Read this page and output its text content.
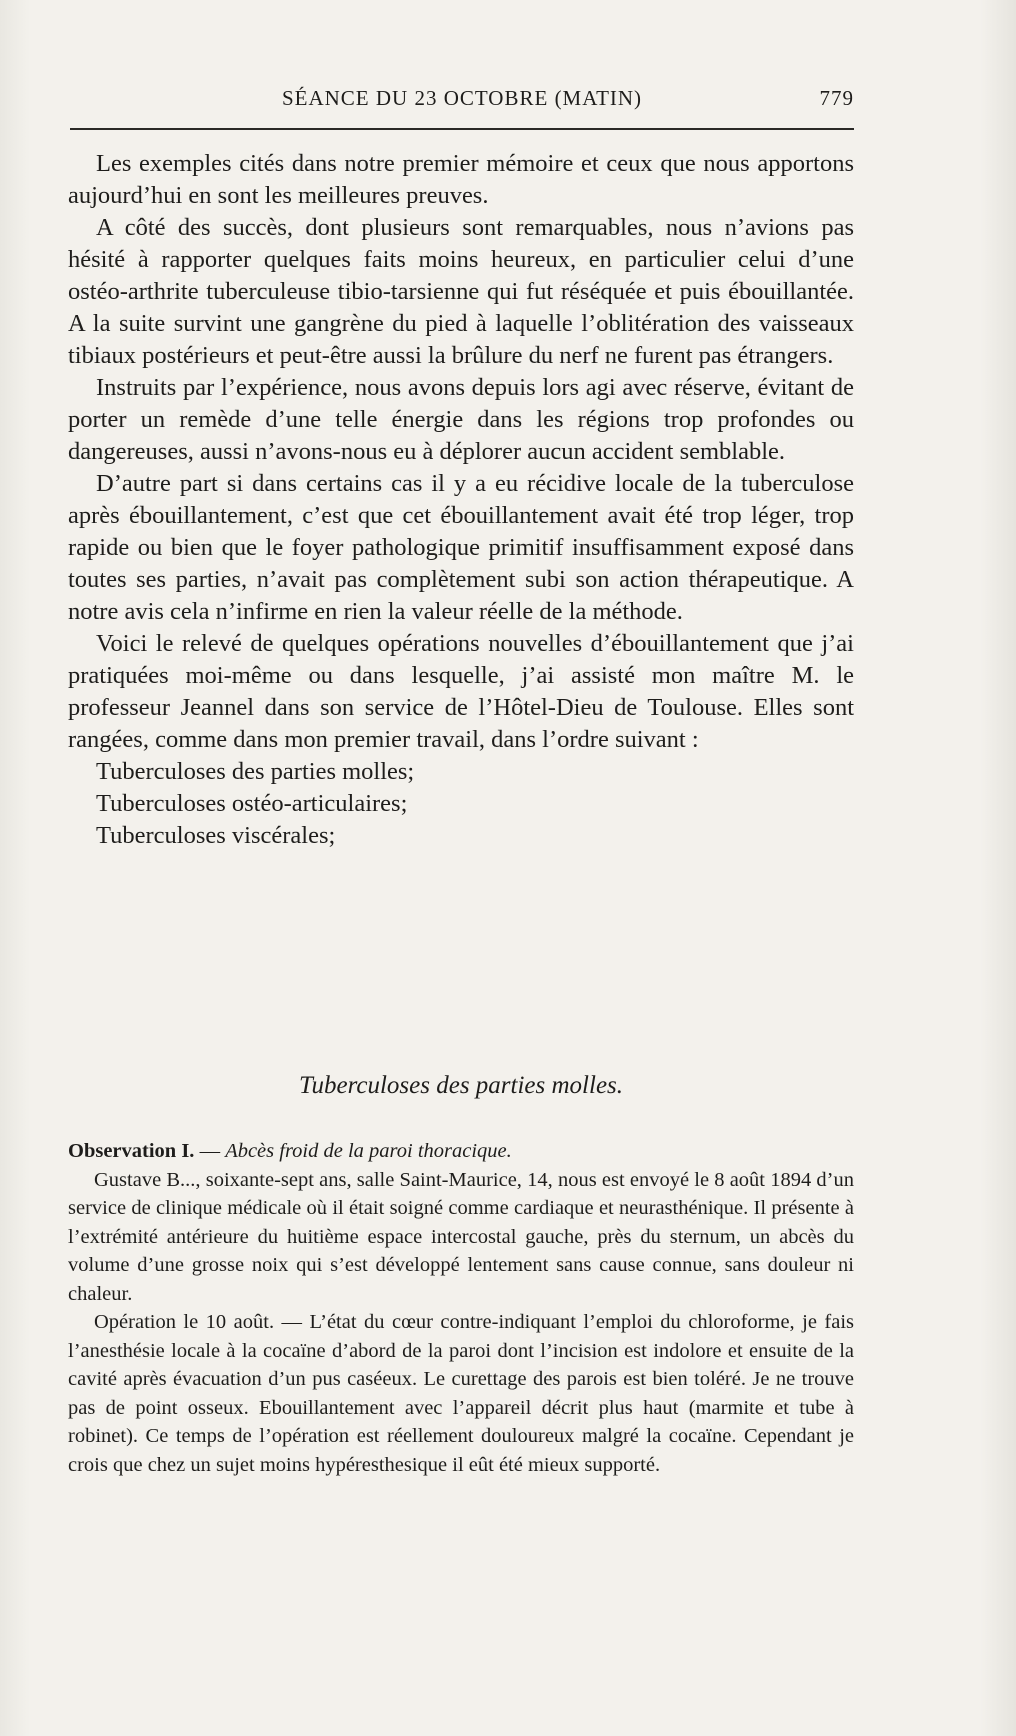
SÉANCE DU 23 OCTOBRE (MATIN)	779

Les exemples cités dans notre premier mémoire et ceux que nous apportons aujourd’hui en sont les meilleures preuves.

A côté des succès, dont plusieurs sont remarquables, nous n’avions pas hésité à rapporter quelques faits moins heureux, en particulier celui d’une ostéo-arthrite tuberculeuse tibio-tarsienne qui fut réséquée et puis ébouillantée. A la suite survint une gangrène du pied à laquelle l’oblitération des vaisseaux tibiaux postérieurs et peut-être aussi la brûlure du nerf ne furent pas étrangers.

Instruits par l’expérience, nous avons depuis lors agi avec réserve, évitant de porter un remède d’une telle énergie dans les régions trop profondes ou dangereuses, aussi n’avons-nous eu à déplorer aucun accident semblable.

D’autre part si dans certains cas il y a eu récidive locale de la tuberculose après ébouillantement, c’est que cet ébouillantement avait été trop léger, trop rapide ou bien que le foyer pathologique primitif insuffisamment exposé dans toutes ses parties, n’avait pas complètement subi son action thérapeutique. A notre avis cela n’infirme en rien la valeur réelle de la méthode.

Voici le relevé de quelques opérations nouvelles d’ébouillantement que j’ai pratiquées moi-même ou dans lesquelle, j’ai assisté mon maître M. le professeur Jeannel dans son service de l’Hôtel-Dieu de Toulouse. Elles sont rangées, comme dans mon premier travail, dans l’ordre suivant :

Tuberculoses des parties molles;

Tuberculoses ostéo-articulaires;

Tuberculoses viscérales;

Tuberculoses des parties molles.

Observation I. — Abcès froid de la paroi thoracique.

Gustave B..., soixante-sept ans, salle Saint-Maurice, 14, nous est envoyé le 8 août 1894 d’un service de clinique médicale où il était soigné comme cardiaque et neurasthénique. Il présente à l’extrémité antérieure du huitième espace intercostal gauche, près du sternum, un abcès du volume d’une grosse noix qui s’est développé lentement sans cause connue, sans douleur ni chaleur.

Opération le 10 août. — L’état du cœur contre-indiquant l’emploi du chloroforme, je fais l’anesthésie locale à la cocaïne d’abord de la paroi dont l’incision est indolore et ensuite de la cavité après évacuation d’un pus caséeux. Le curettage des parois est bien toléré. Je ne trouve pas de point osseux. Ebouillantement avec l’appareil décrit plus haut (marmite et tube à robinet). Ce temps de l’opération est réellement douloureux malgré la cocaïne. Cependant je crois que chez un sujet moins hypéresthesique il eût été mieux supporté.
